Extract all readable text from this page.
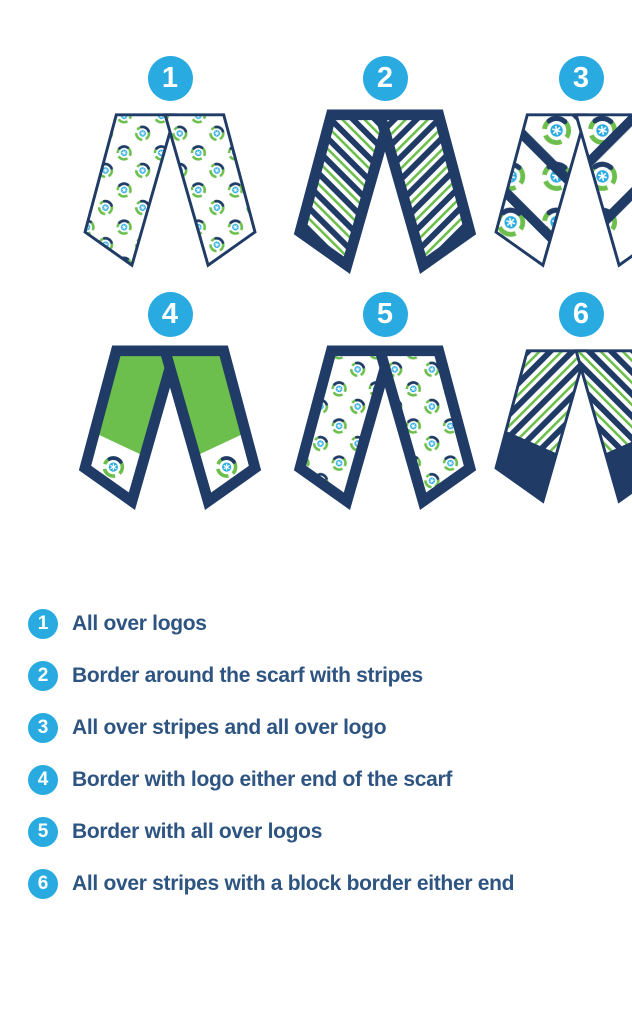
1	2	3
4	5	6
1	All over logos
2	Border around the scarf with stripes
3	All over stripes and all over logo
4	Border with logo either end of the scarf
5	Border with all over logos
6	All over stripes with a block border either end
